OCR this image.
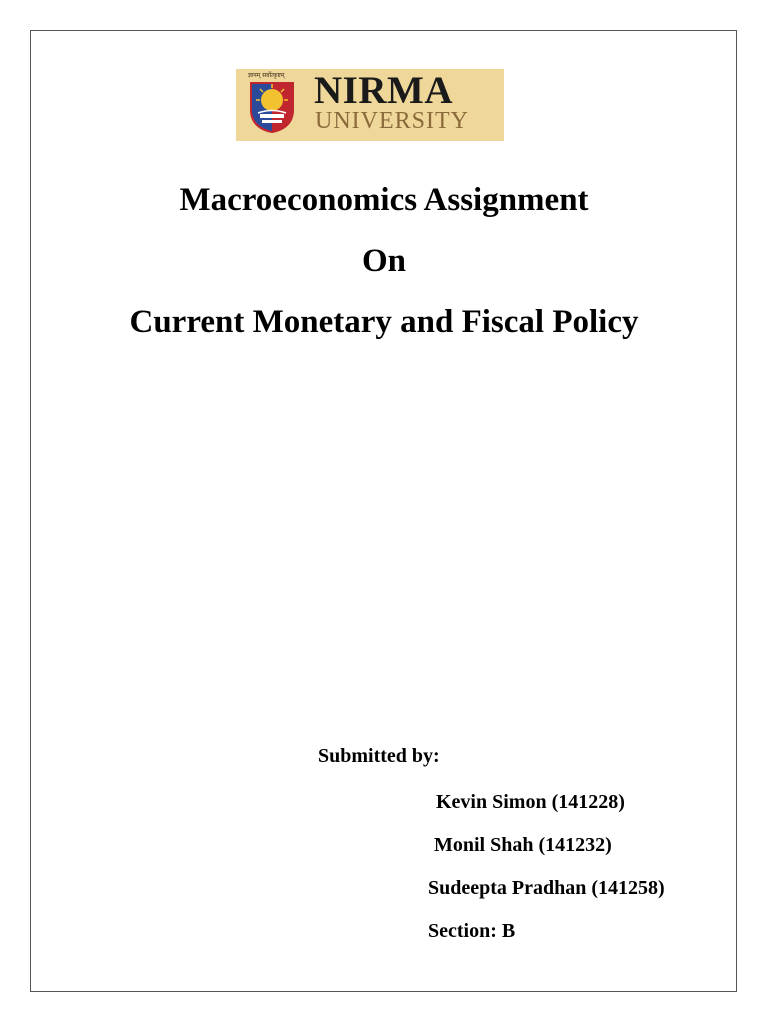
ज्ञानम् सर्वोत्कृष्टम् NIRMA
UNIVERSITY
Macroeconomics Assignment
On
Current Monetary and Fiscal Policy
Submitted by:
Kevin Simon (141228)
Monil Shah (141232)
Sudeepta Pradhan (141258)
Section: B
